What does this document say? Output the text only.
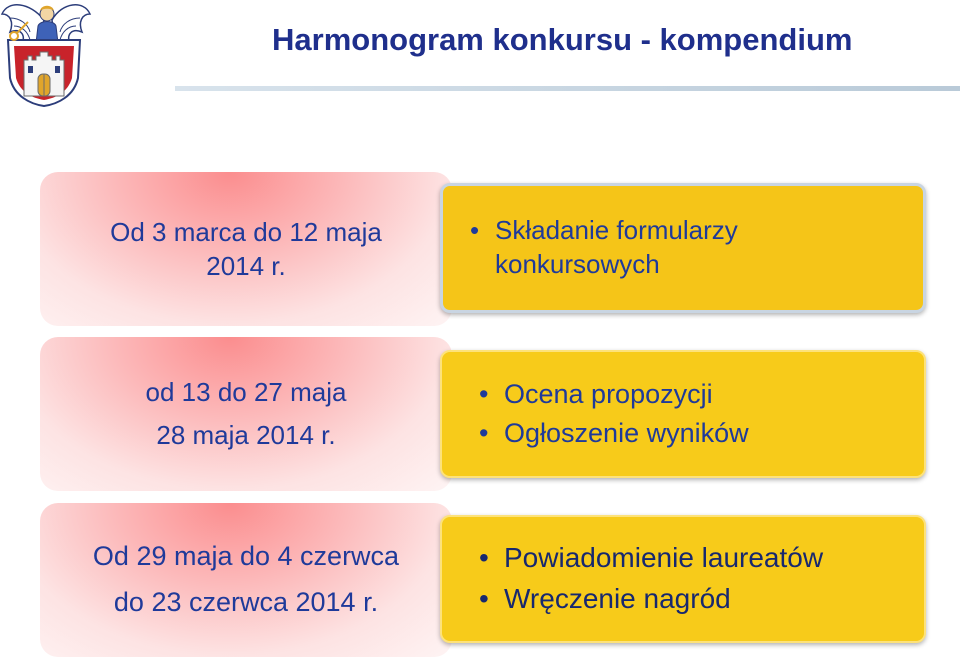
Harmonogram konkursu - kompendium
Od 3 marca do 12 maja
2014 r.
• Składanie formularzy
konkursowych
od 13 do 27 maja
28 maja 2014 r.
• Ocena propozycji
• Ogłoszenie wyników
Od 29 maja do 4 czerwca
do 23 czerwca 2014 r.
• Powiadomienie laureatów
• Wręczenie nagród
